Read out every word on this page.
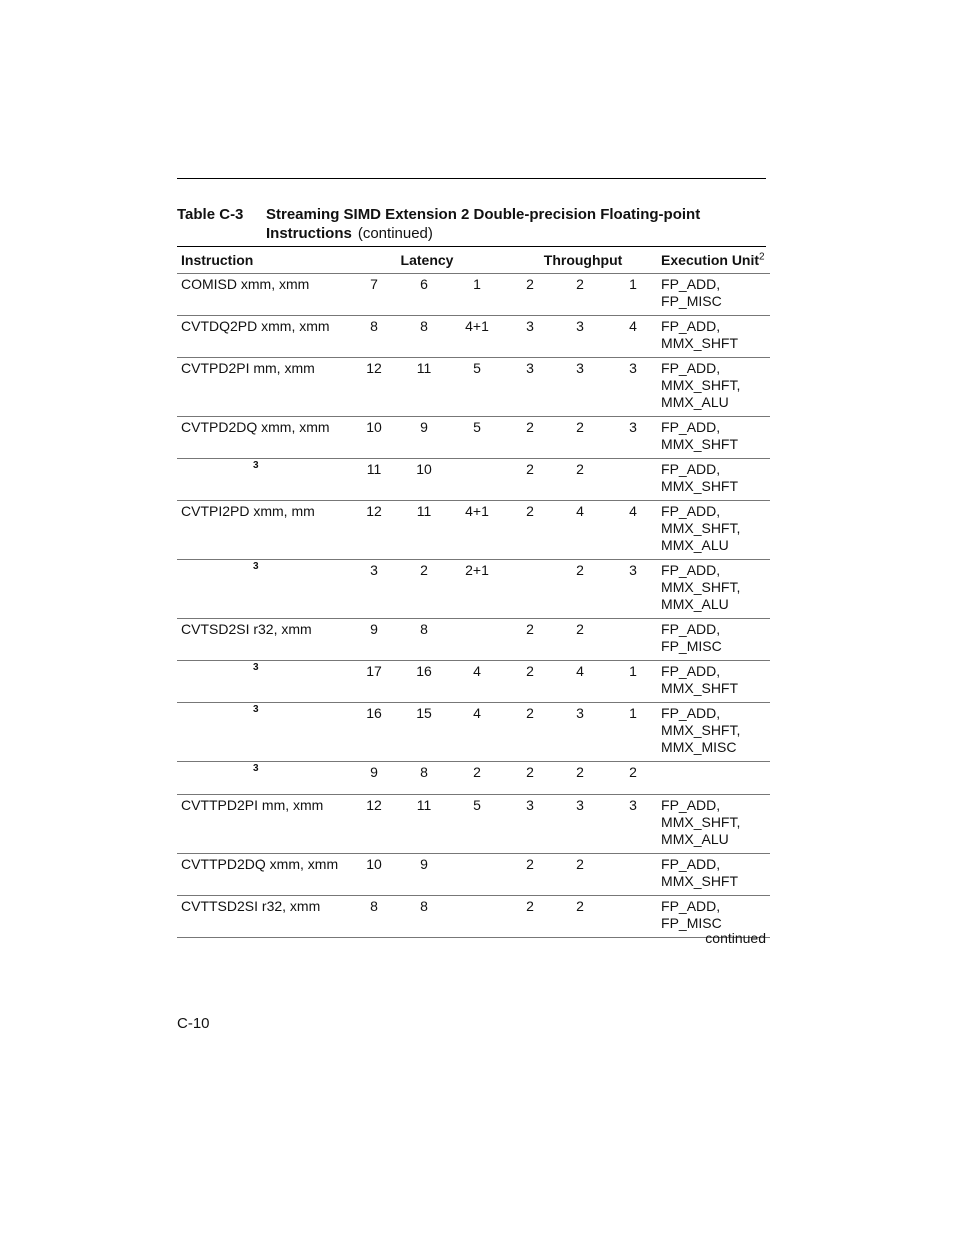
Table C-3 Streaming SIMD Extension 2 Double-precision Floating-point Instructions (continued)
Instruction	Latency			Throughput			Execution Unit$^2$
COMISD xmm, xmm	7	6	1	2	2	1	FP_ADD,
FP_MISC

CVTDQ2PD xmm, xmm	8	8	4+1	3	3	4	FP_ADD,
MMX_SHFT

CVTPD2PI mm, xmm	12	11	5	3	3	3	FP_ADD,
MMX_SHFT,
MMX_ALU

CVTPD2DQ xmm, xmm	10	9	5	2	2	3	FP_ADD,
MMX_SHFT

3	11	10		2	2		FP_ADD,
MMX_SHFT

CVTPI2PD xmm, mm	12	11	4+1	2	4	4	FP_ADD,
MMX_SHFT,
MMX_ALU

3	3	2	2+1		2	3	FP_ADD,
MMX_SHFT,
MMX_ALU

CVTSD2SI r32, xmm	9	8		2	2		FP_ADD,
FP_MISC

3	17	16	4	2	4	1	FP_ADD,
MMX_SHFT

3	16	15	4	2	3	1	FP_ADD,
MMX_SHFT,
MMX_MISC

3	9	8	2	2	2	2	
CVTTPD2PI mm, xmm	12	11	5	3	3	3	FP_ADD,
MMX_SHFT,
MMX_ALU

CVTTPD2DQ xmm, xmm	10	9		2	2		FP_ADD,
MMX_SHFT

CVTTSD2SI r32, xmm	8	8		2	2		FP_ADD,
FP_MISC
continued
C-10
